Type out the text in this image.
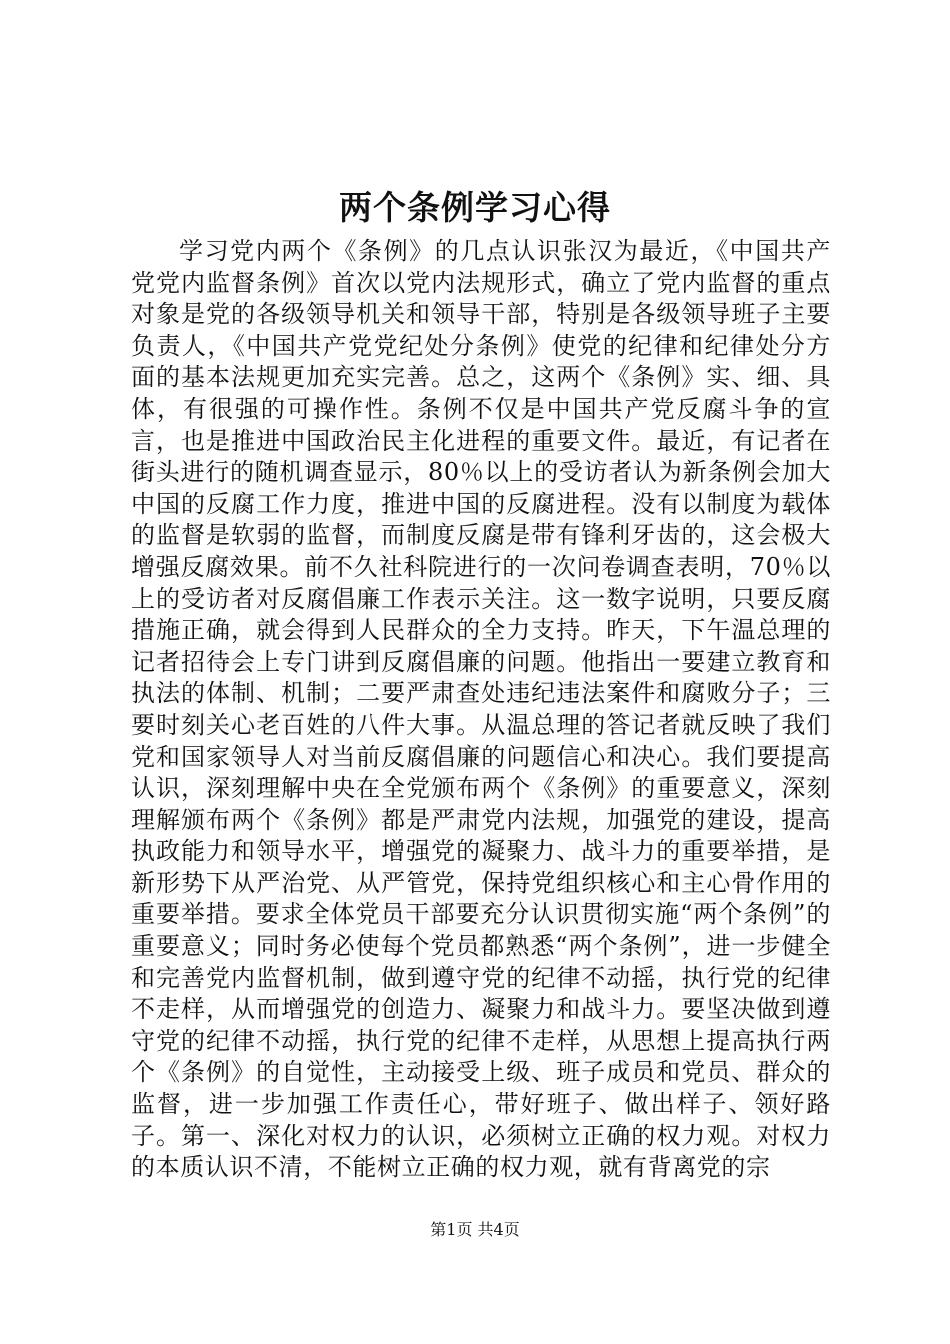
两个条例学习心得

学习党内两个《条例》的几点认识张汉为最近，《中国共产党党内监督条例》首次以党内法规形式，确立了党内监督的重点对象是党的各级领导机关和领导干部，特别是各级领导班子主要负责人，《中国共产党党纪处分条例》使党的纪律和纪律处分方面的基本法规更加充实完善。总之，这两个《条例》实、细、具体，有很强的可操作性。条例不仅是中国共产党反腐斗争的宣言，也是推进中国政治民主化进程的重要文件。最近，有记者在街头进行的随机调查显示，80％以上的受访者认为新条例会加大中国的反腐工作力度，推进中国的反腐进程。没有以制度为载体的监督是软弱的监督，而制度反腐是带有锋利牙齿的，这会极大增强反腐效果。前不久社科院进行的一次问卷调查表明，70％以上的受访者对反腐倡廉工作表示关注。这一数字说明，只要反腐措施正确，就会得到人民群众的全力支持。昨天，下午温总理的记者招待会上专门讲到反腐倡廉的问题。他指出一要建立教育和执法的体制、机制；二要严肃查处违纪违法案件和腐败分子；三要时刻关心老百姓的八件大事。从温总理的答记者就反映了我们党和国家领导人对当前反腐倡廉的问题信心和决心。我们要提高认识，深刻理解中央在全党颁布两个《条例》的重要意义，深刻理解颁布两个《条例》都是严肃党内法规，加强党的建设，提高执政能力和领导水平，增强党的凝聚力、战斗力的重要举措，是新形势下从严治党、从严管党，保持党组织核心和主心骨作用的重要举措。要求全体党员干部要充分认识贯彻实施“两个条例”的重要意义；同时务必使每个党员都熟悉“两个条例”，进一步健全和完善党内监督机制，做到遵守党的纪律不动摇，执行党的纪律不走样，从而增强党的创造力、凝聚力和战斗力。要坚决做到遵守党的纪律不动摇，执行党的纪律不走样，从思想上提高执行两个《条例》的自觉性，主动接受上级、班子成员和党员、群众的监督，进一步加强工作责任心，带好班子、做出样子、领好路子。第一、深化对权力的认识，必须树立正确的权力观。对权力的本质认识不清，不能树立正确的权力观，就有背离党的宗

第1页 共4页
